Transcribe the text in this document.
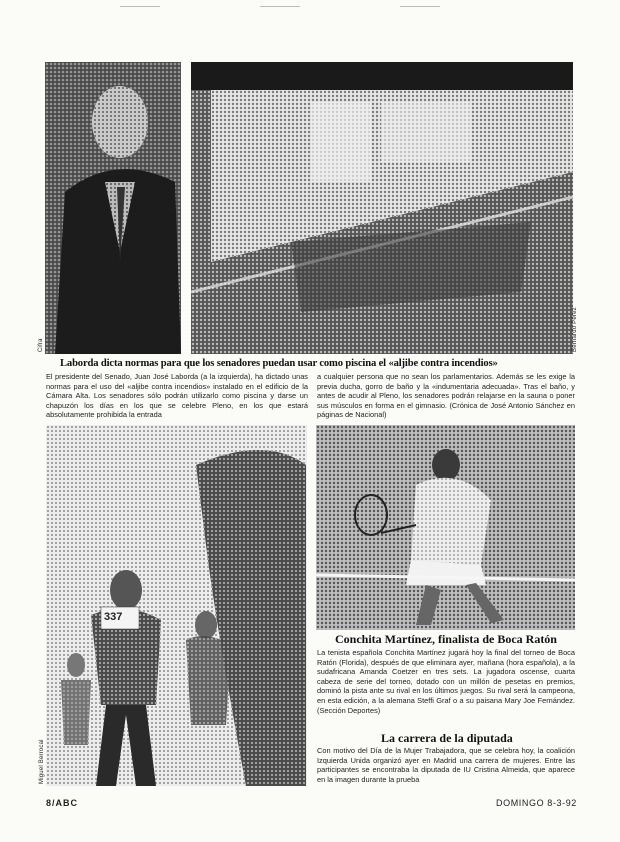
Cifra	Bernardo Pérez
Laborda dicta normas para que los senadores puedan usar como piscina el «aljibe contra incendios»
El presidente del Senado, Juan José Laborda (a la izquierda), ha dictado unas normas para el uso del «aljibe contra incendios» instalado en el edificio de la Cámara Alta. Los senadores sólo podrán utilizarlo como piscina y darse un chapuzón los días en los que se celebre Pleno, en los que estará absolutamente prohibida la entrada
a cualquier persona que no sean los parlamentarios. Además se les exige la previa ducha, gorro de baño y la «indumentaria adecuada». Tras el baño, y antes de acudir al Pleno, los senadores podrán relajarse en la sauna o poner sus músculos en forma en el gimnasio. (Crónica de José Antonio Sánchez en páginas de Nacional)
337
Miguel Berrocal
Conchita Martínez, finalista de Boca Ratón
La tenista española Conchita Martínez jugará hoy la final del torneo de Boca Ratón (Florida), después de que eliminara ayer, mañana (hora española), a la sudafricana Amanda Coetzer en tres sets. La jugadora oscense, cuarta cabeza de serie del torneo, dotado con un millón de pesetas en premios, dominó la pista ante su rival en los últimos juegos. Su rival será la campeona, en esta edición, a la alemana Steffi Graf o a su paisana Mary Joe Fernández. (Sección Deportes)
La carrera de la diputada
Con motivo del Día de la Mujer Trabajadora, que se celebra hoy, la coalición Izquierda Unida organizó ayer en Madrid una carrera de mujeres. Entre las participantes se encontraba la diputada de IU Cristina Almeida, que aparece en la imagen durante la prueba
8/ABC	DOMINGO 8-3-92
